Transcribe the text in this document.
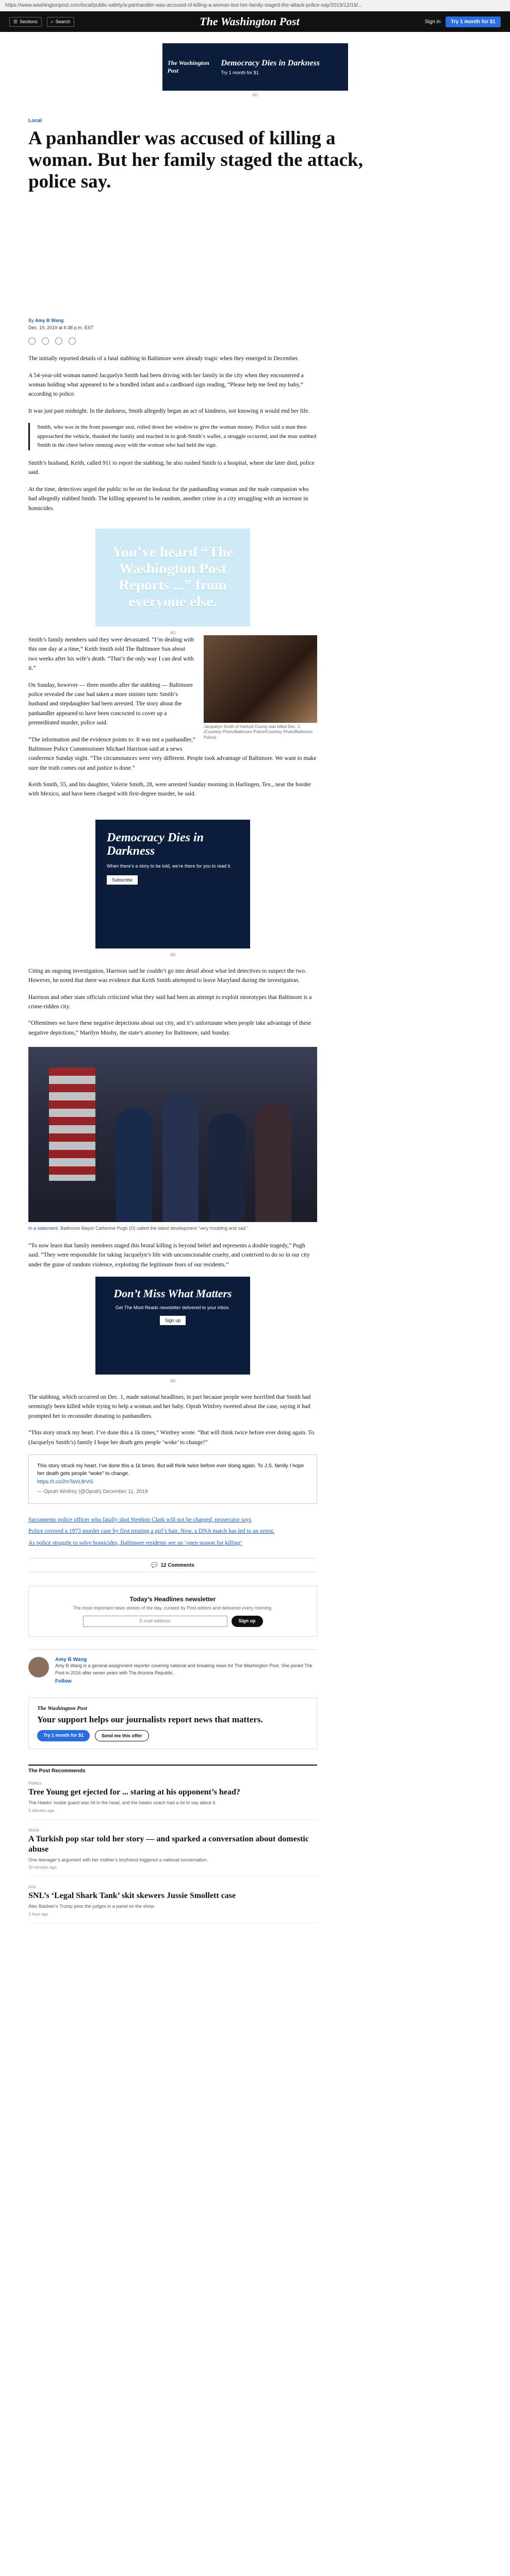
https://www.washingtonpost.com/local/public-safety/a-panhandler-was-accused-of-killing-a-woman-but-her-family-staged-the-attack-police-say/2019/12/19/...
☰ Sections	⌕ Search	The Washington Post	Sign in	Try 1 month for $1
The Washington Post
Democracy Dies in Darkness
Try 1 month for $1
AD
Local
A panhandler was accused of killing a woman. But her family staged the attack, police say.
By Amy B Wang
Dec. 19, 2019 at 6:38 p.m. EST

The initially reported details of a fatal stabbing in Baltimore were already tragic when they emerged in December.

A 54-year-old woman named Jacquelyn Smith had been driving with her family in the city when they encountered a woman holding what appeared to be a bundled infant and a cardboard sign reading, “Please help me feed my baby,” according to police.

It was just past midnight. In the darkness, Smith allegedly began an act of kindness, not knowing it would end her life.

Smith, who was in the front passenger seat, rolled down her window to give the woman money. Police said a man then approached the vehicle, thanked the family and reached in to grab Smith’s wallet, a struggle occurred, and the man stabbed Smith in the chest before running away with the woman who had held the sign.

Smith’s husband, Keith, called 911 to report the stabbing; he also rushed Smith to a hospital, where she later died, police said.

At the time, detectives urged the public to be on the lookout for the panhandling woman and the male companion who had allegedly stabbed Smith. The killing appeared to be random, another crime in a city struggling with an increase in homicides.

You’ve heard “The Washington Post Reports ...” from everyone else.
AD
Jacquelyn Smith of Harford County was killed Dec. 1. (Courtesy Photo/Baltimore Police/Courtesy Photo/Baltimore Police)

Smith’s family members said they were devastated. “I’m dealing with this one day at a time,” Keith Smith told The Baltimore Sun about two weeks after his wife’s death. “That’s the only way I can deal with it.”

On Sunday, however — three months after the stabbing — Baltimore police revealed the case had taken a more sinister turn: Smith’s husband and stepdaughter had been arrested. The story about the panhandler appeared to have been concocted to cover up a premeditated murder, police said.

“The information and the evidence points to: It was not a panhandler,” Baltimore Police Commissioner Michael Harrison said at a news conference Sunday night. “The circumstances were very different. People took advantage of Baltimore. We want to make sure the truth comes out and justice is done.”

Keith Smith, 55, and his daughter, Valerie Smith, 28, were arrested Sunday morning in Harlingen, Tex., near the border with Mexico, and have been charged with first-degree murder, he said.

Democracy Dies in Darkness
When there’s a story to be told, we’re there for you to read it.
Subscribe
AD

Citing an ongoing investigation, Harrison said he couldn’t go into detail about what led detectives to suspect the two. However, he noted that there was evidence that Keith Smith attempted to leave Maryland during the investigation.

Harrison and other state officials criticized what they said had been an attempt to exploit stereotypes that Baltimore is a crime-ridden city.

“Oftentimes we have these negative depictions about our city, and it’s unfortunate when people take advantage of these negative depictions,” Marilyn Mosby, the state’s attorney for Baltimore, said Sunday.

In a statement, Baltimore Mayor Catherine Pugh (D) called the latest development “very troubling and sad.”

“To now learn that family members staged this brutal killing is beyond belief and represents a double tragedy,” Pugh said. “They were responsible for taking Jacquelyn’s life with unconscionable cruelty, and contrived to do so in our city under the guise of random violence, exploiting the legitimate fears of our residents.”

Don’t Miss What Matters
Get The Most Reads newsletter delivered to your inbox.
Sign up
AD

The stabbing, which occurred on Dec. 1, made national headlines, in part because people were horrified that Smith had seemingly been killed while trying to help a woman and her baby. Oprah Winfrey tweeted about the case, saying it had prompted her to reconsider donating to panhandlers.

“This story struck my heart. I’ve done this a 1k times,” Winfrey wrote. “But will think twice before ever doing again. To (Jacquelyn Smith’s) family I hope her death gets people ‘woke’ to change!”

This story struck my heart. I’ve done this a 1k times. But will think twice before ever doing again. To J.S. family I hope her death gets people “woke” to change.
https://t.co/2mTaVL8rVG
— Oprah Winfrey (@Oprah) December 11, 2019
Sacramento police officer who fatally shot Stephon Clark will not be charged, prosecutor says
Police covered a 1973 murder case by first treating a girl’s hair. Now, a DNA match has led to an arrest.
As police struggle to solve homicides, Baltimore residents see an ‘open season for killing’
💬 12 Comments
Today’s Headlines newsletter
The most important news stories of the day, curated by Post editors and delivered every morning.
E-mail address	Sign up
Amy B Wang
Amy B Wang is a general assignment reporter covering national and breaking news for The Washington Post. She joined The Post in 2016 after seven years with The Arizona Republic.
Follow
The Washington Post
Your support helps our journalists report news that matters.
Try 1 month for $1	Send me this offer
The Post Recommends
Politics
Tree Young get ejected for ... staring at his opponent’s head?
The Hawks’ rookie guard was hit in the head, and the hawks coach had a lot to say about it.
5 minutes ago
World
A Turkish pop star told her story — and sparked a conversation about domestic abuse
One teenager’s argument with her mother’s boyfriend triggered a national conversation.
30 minutes ago
Arts
SNL’s ‘Legal Shark Tank’ skit skewers Jussie Smollett case
Alec Baldwin’s Trump joins the judges in a panel on the show.
1 hour ago
